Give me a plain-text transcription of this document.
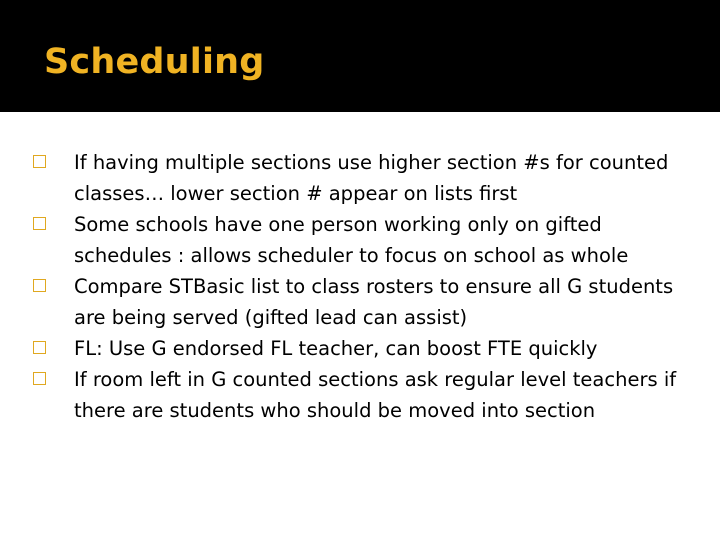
Scheduling
If having multiple sections use higher section #s for counted classes… lower section # appear on lists first
Some schools have one person working only on gifted schedules : allows scheduler to focus on school as whole
Compare STBasic list to class rosters to ensure all G students are being served (gifted lead can assist)
FL: Use G endorsed FL teacher, can boost FTE quickly
If room left in G counted sections ask regular level teachers if there are students who should be moved into section
